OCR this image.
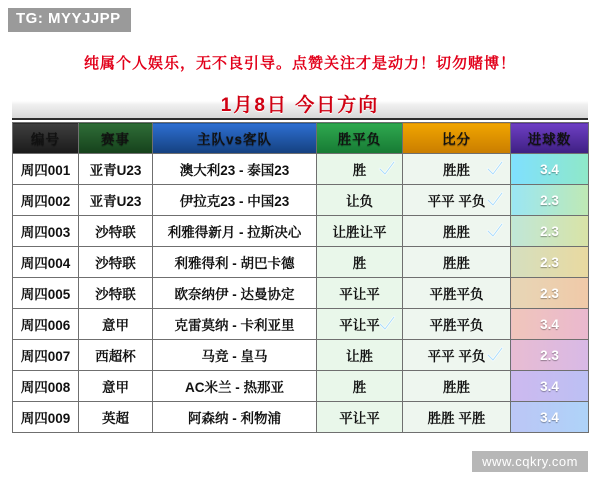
TG: MYYJJPP
纯属个人娱乐，无不良引导。点赞关注才是动力！切勿赌博！
1月8日 今日方向
编号	赛事	主队vs客队	胜平负	比分	进球数
周四001	亚青U23	澳大利23 - 泰国23	胜	胜胜	3.4
周四002	亚青U23	伊拉克23 - 中国23	让负	平平 平负	2.3
周四003	沙特联	利雅得新月 - 拉斯决心	让胜让平	胜胜	2.3
周四004	沙特联	利雅得利 - 胡巴卡德	胜	胜胜	2.3
周四005	沙特联	欧奈纳伊 - 达曼协定	平让平	平胜平负	2.3
周四006	意甲	克雷莫纳 - 卡利亚里	平让平	平胜平负	3.4
周四007	西超杯	马竞 - 皇马	让胜	平平 平负	2.3
周四008	意甲	AC米兰 - 热那亚	胜	胜胜	3.4
周四009	英超	阿森纳 - 利物浦	平让平	胜胜 平胜	3.4
www.cqkry.com
